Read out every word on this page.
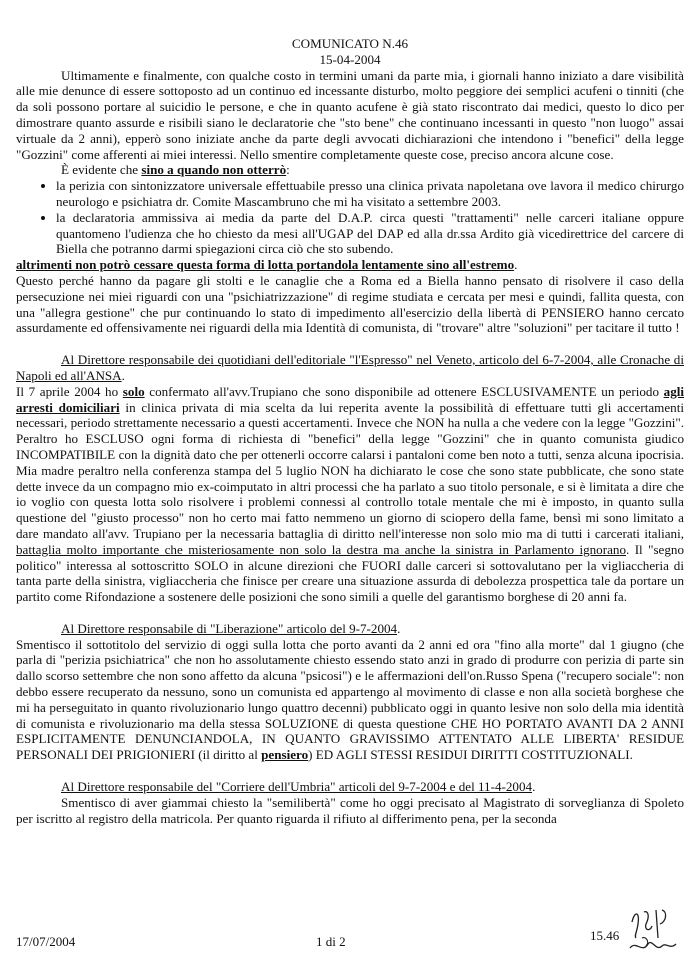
COMUNICATO N.46

15-04-2004

Ultimamente e finalmente, con qualche costo in termini umani da parte mia, i giornali hanno iniziato a dare visibilità alle mie denunce di essere sottoposto ad un continuo ed incessante disturbo, molto peggiore dei semplici acufeni o tinniti (che da soli possono portare al suicidio le persone, e che in quanto acufene è già stato riscontrato dai medici, questo lo dico per dimostrare quanto assurde e risibili siano le declaratorie che "sto bene" che continuano incessanti in questo "non luogo" assai virtuale da 2 anni), epperò sono iniziate anche da parte degli avvocati dichiarazioni che intendono i "benefici" della legge "Gozzini" come afferenti ai miei interessi. Nello smentire completamente queste cose, preciso ancora alcune cose.

È evidente che sino a quando non otterrò:

• la perizia con sintonizzatore universale effettuabile presso una clinica privata napoletana ove lavora il medico chirurgo neurologo e psichiatra dr. Comite Mascambruno che mi ha visitato a settembre 2003.
• la declaratoria ammissiva ai media da parte del D.A.P. circa questi "trattamenti" nelle carceri italiane oppure quantomeno l'udienza che ho chiesto da mesi all'UGAP del DAP ed alla dr.ssa Ardito già vicedirettrice del carcere di Biella che potranno darmi spiegazioni circa ciò che sto subendo.

altrimenti non potrò cessare questa forma di lotta portandola lentamente sino all'estremo.

Questo perché hanno da pagare gli stolti e le canaglie che a Roma ed a Biella hanno pensato di risolvere il caso della persecuzione nei miei riguardi con una "psichiatrizzazione" di regime studiata e cercata per mesi e quindi, fallita questa, con una "allegra gestione" che pur continuando lo stato di impedimento all'esercizio della libertà di PENSIERO hanno cercato assurdamente ed offensivamente nei riguardi della mia Identità di comunista, di "trovare" altre "soluzioni" per tacitare il tutto !

Al Direttore responsabile dei quotidiani dell'editoriale "l'Espresso" nel Veneto, articolo del 6-7-2004, alle Cronache di Napoli ed all'ANSA.

Il 7 aprile 2004 ho solo confermato all'avv.Trupiano che sono disponibile ad ottenere ESCLUSIVAMENTE un periodo agli arresti domiciliari in clinica privata di mia scelta da lui reperita avente la possibilità di effettuare tutti gli accertamenti necessari, periodo strettamente necessario a questi accertamenti. Invece che NON ha nulla a che vedere con la legge "Gozzini". Peraltro ho ESCLUSO ogni forma di richiesta di "benefici" della legge "Gozzini" che in quanto comunista giudico INCOMPATIBILE con la dignità dato che per ottenerli occorre calarsi i pantaloni come ben noto a tutti, senza alcuna ipocrisia. Mia madre peraltro nella conferenza stampa del 5 luglio NON ha dichiarato le cose che sono state pubblicate, che sono state dette invece da un compagno mio ex-coimputato in altri processi che ha parlato a suo titolo personale, e si è limitata a dire che io voglio con questa lotta solo risolvere i problemi connessi al controllo totale mentale che mi è imposto, in quanto sulla questione del "giusto processo" non ho certo mai fatto nemmeno un giorno di sciopero della fame, bensì mi sono limitato a dare mandato all'avv. Trupiano per la necessaria battaglia di diritto nell'interesse non solo mio ma di tutti i carcerati italiani, battaglia molto importante che misteriosamente non solo la destra ma anche la sinistra in Parlamento ignorano. Il "segno politico" interessa al sottoscritto SOLO in alcune direzioni che FUORI dalle carceri si sottovalutano per la vigliaccheria di tanta parte della sinistra, vigliaccheria che finisce per creare una situazione assurda di debolezza prospettica tale da portare un partito come Rifondazione a sostenere delle posizioni che sono simili a quelle del garantismo borghese di 20 anni fa.

Al Direttore responsabile di "Liberazione" articolo del 9-7-2004.

Smentisco il sottotitolo del servizio di oggi sulla lotta che porto avanti da 2 anni ed ora "fino alla morte" dal 1 giugno (che parla di "perizia psichiatrica" che non ho assolutamente chiesto essendo stato anzi in grado di produrre con perizia di parte sin dallo scorso settembre che non sono affetto da alcuna "psicosi") e le affermazioni dell'on.Russo Spena ("recupero sociale": non debbo essere recuperato da nessuno, sono un comunista ed appartengo al movimento di classe e non alla società borghese che mi ha perseguitato in quanto rivoluzionario lungo quattro decenni) pubblicato oggi in quanto lesive non solo della mia identità di comunista e rivoluzionario ma della stessa SOLUZIONE di questa questione CHE HO PORTATO AVANTI DA 2 ANNI ESPLICITAMENTE DENUNCIANDOLA, IN QUANTO GRAVISSIMO ATTENTATO ALLE LIBERTA' RESIDUE PERSONALI DEI PRIGIONIERI (il diritto al pensiero) ED AGLI STESSI RESIDUI DIRITTI COSTITUZIONALI.

Al Direttore responsabile del "Corriere dell'Umbria" articoli del 9-7-2004 e del 11-4-2004.

Smentisco di aver giammai chiesto la "semilibertà" come ho oggi precisato al Magistrato di sorveglianza di Spoleto per iscritto al registro della matricola. Per quanto riguarda il rifiuto al differimento pena, per la seconda

17/07/2004	1 di 2	15.46
